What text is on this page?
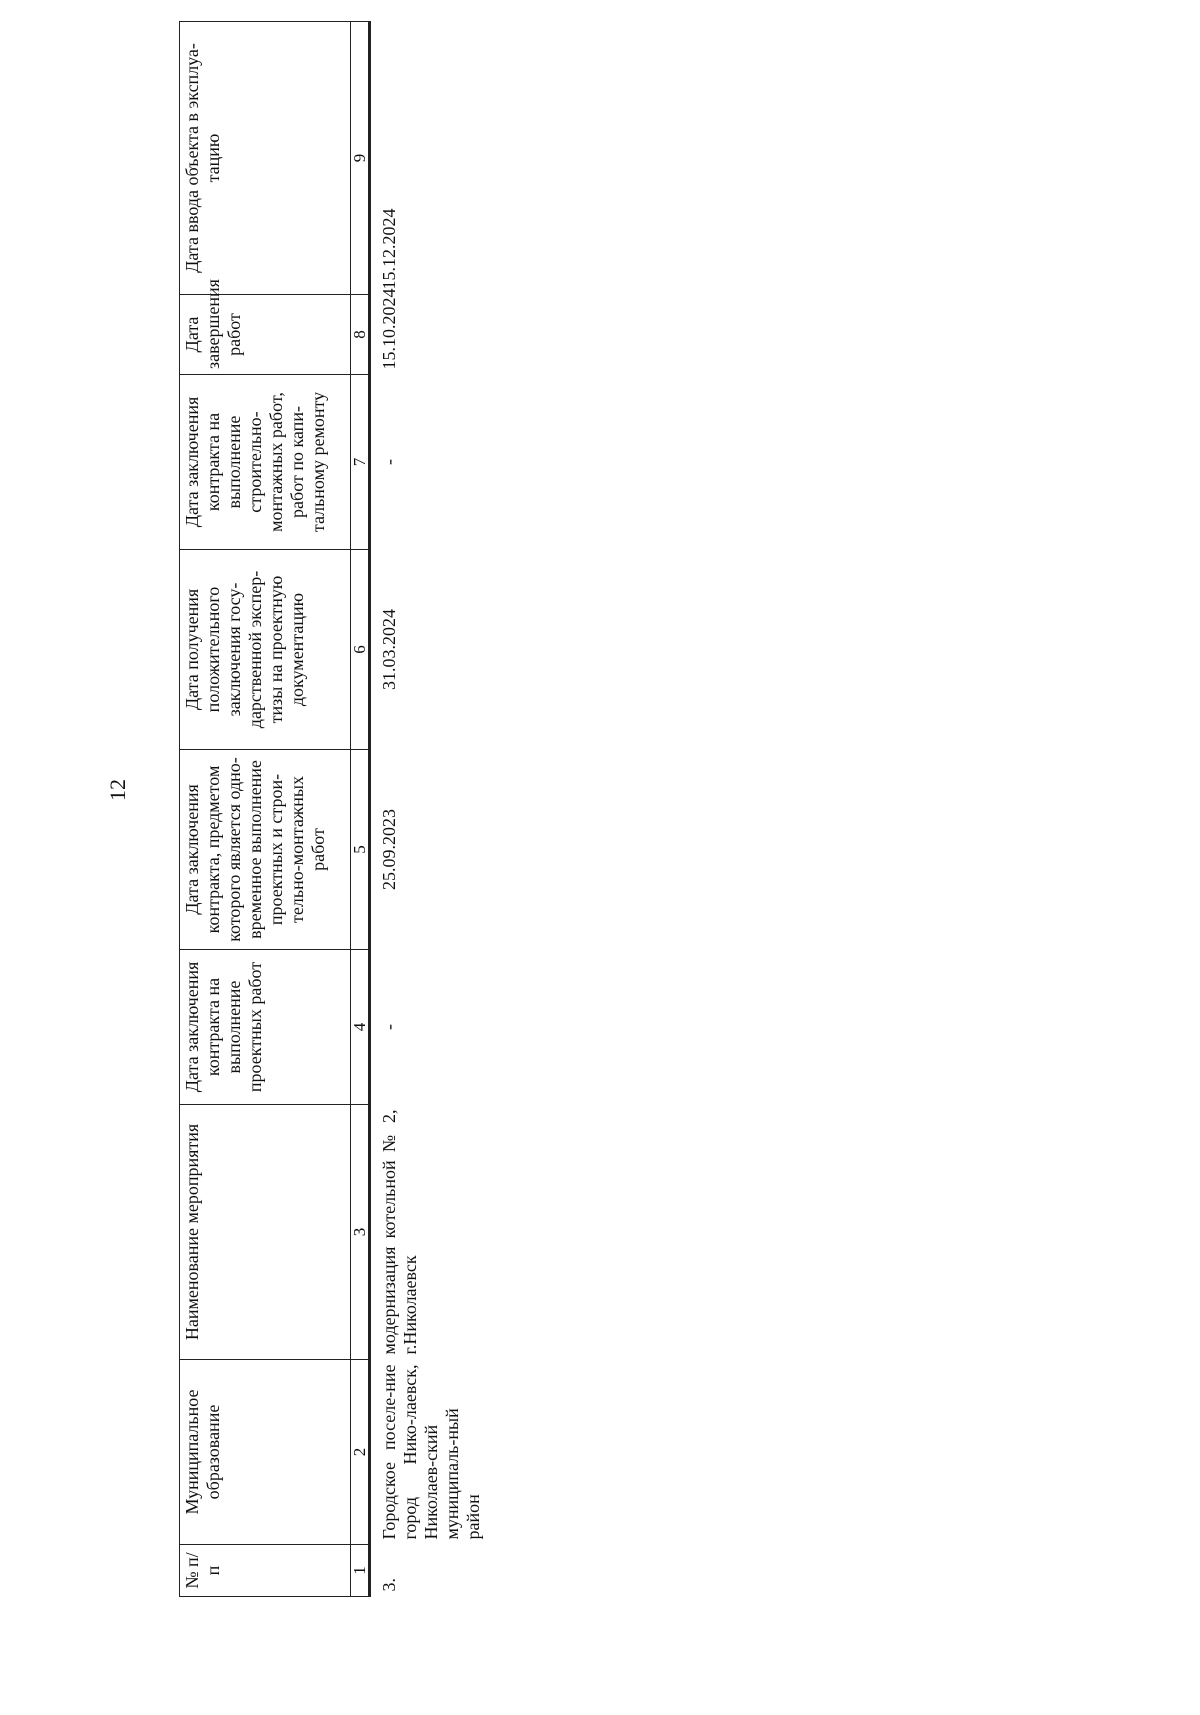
12
№ п/п	Муниципальное образование	Наименование мероприятия	Дата заключения контракта на выполнение проектных работ	Дата заключения контракта, предметом которого является одно-временное выполнение проектных и строи-тельно-монтажных работ	Дата получения положительного заключения госу-дарственной экспер-тизы на проектную документацию	Дата заключения контракта на выполнение строительно-монтажных работ, работ по капи-тальному ремонту	Дата завершения работ	Дата ввода объекта в эксплуа-тацию
1	2	3	4	5	6	7	8	9
3.	Городское поселе-ние город Нико-лаевск, Николаев-ский муниципаль-ный район	модернизация котельной № 2, г.Николаевск	-	25.09.2023	31.03.2024	-	15.10.2024	15.12.2024
